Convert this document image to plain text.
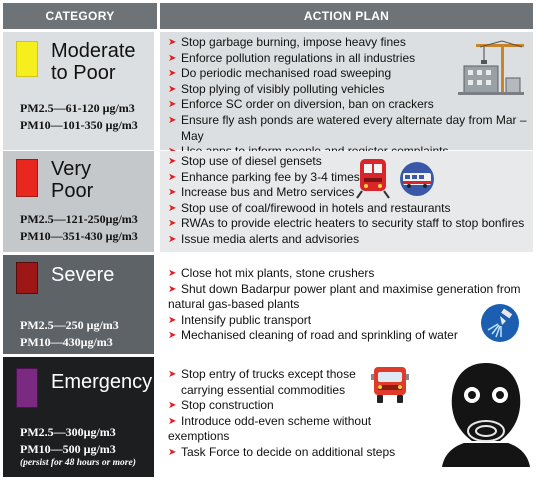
CATEGORY	ACTION PLAN
Moderate
to Poor
PM2.5—61-120 μg/m3
PM10—101-350 μg/m3
➤ Stop garbage burning, impose heavy fines
➤ Enforce pollution regulations in all industries
➤ Do periodic mechanised road sweeping
➤ Stop plying of visibly polluting vehicles
➤ Enforce SC order on diversion, ban on crackers
➤ Ensure fly ash ponds are watered every alternate day from Mar – May
Very
Poor
PM2.5—121-250μg/m3
PM10—351-430 μg/m3
➤ Stop use of diesel gensets
➤ Enhance parking fee by 3-4 times
➤ Increase bus and Metro services
➤ Stop use of coal/firewood in hotels and restaurants
➤ RWAs to provide electric heaters to security staff to stop bonfires
➤ Issue media alerts and advisories
Severe
PM2.5—250 μg/m3
PM10—430μg/m3
➤ Close hot mix plants, stone crushers
➤ Shut down Badarpur power plant and maximise generation from
natural gas-based plants
➤ Intensify public transport
➤ Mechanised cleaning of road and sprinkling of water
Emergency
PM2.5—300μg/m3
PM10—500 μg/m3
(persist for 48 hours or more)
➤ Stop entry of trucks except those
carrying essential commodities
➤ Stop construction
➤ Introduce odd-even scheme without
exemptions
➤ Task Force to decide on additional steps
